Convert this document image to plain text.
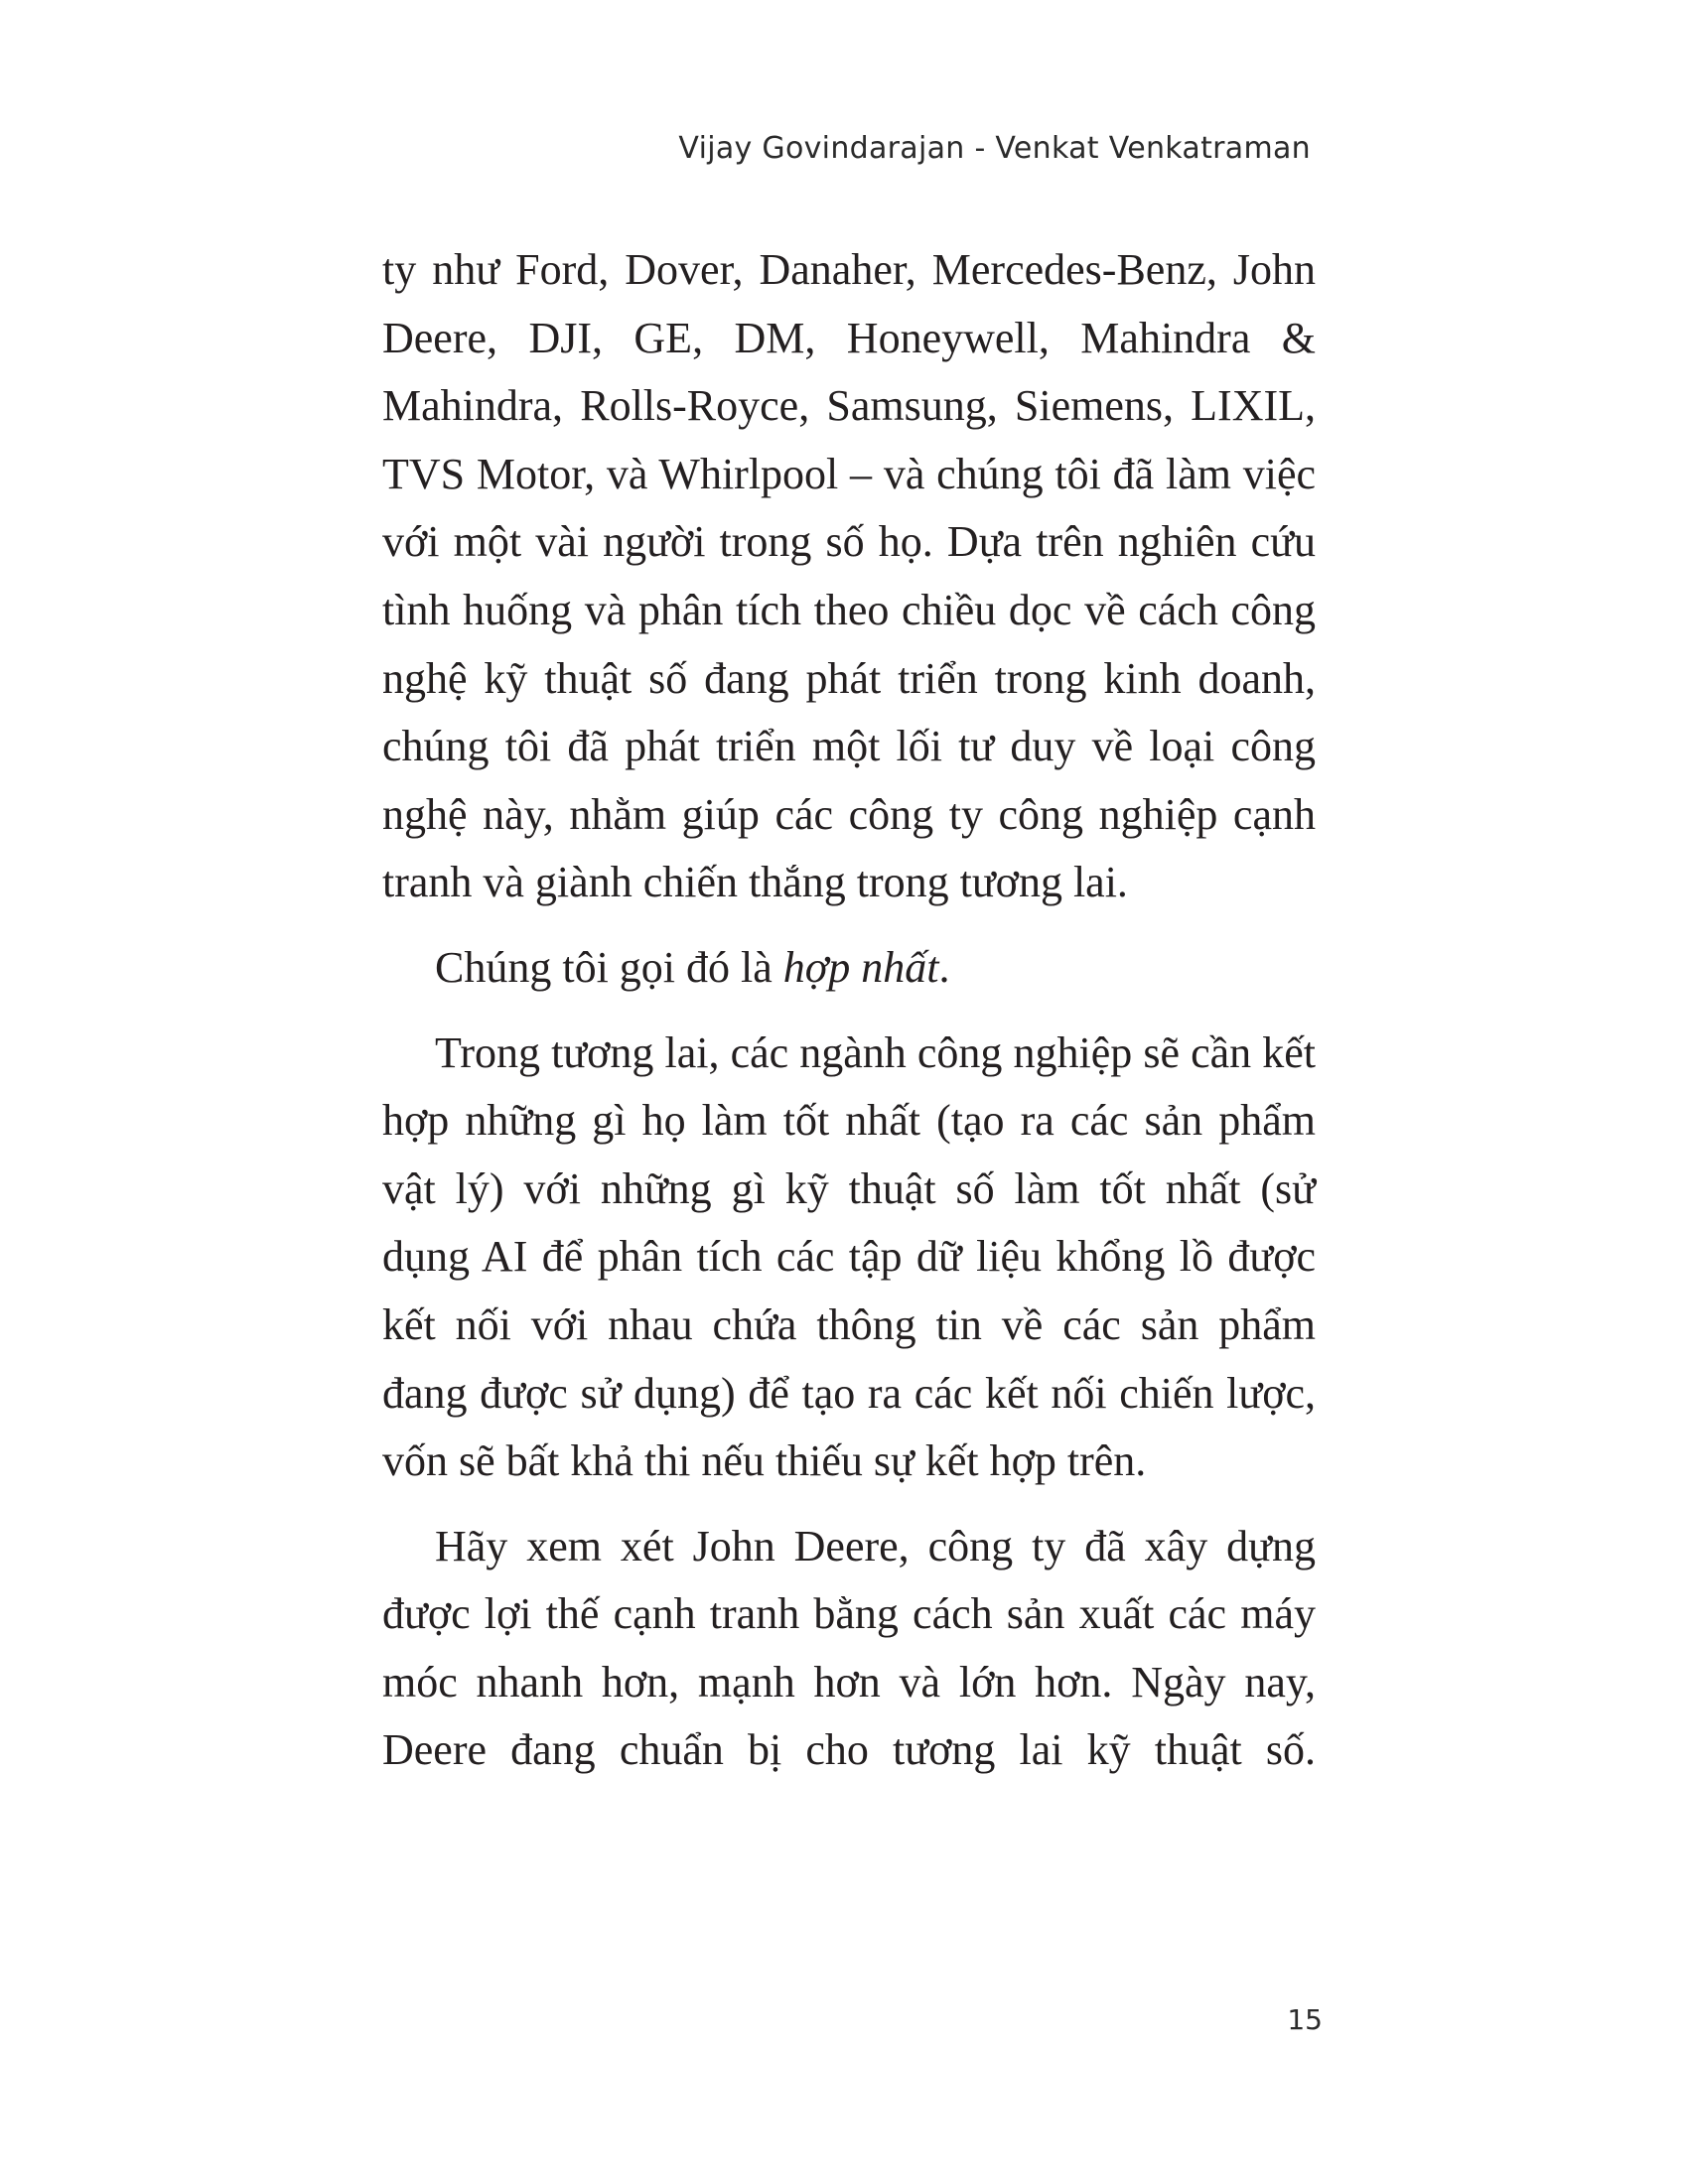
Vijay Govindarajan - Venkat Venkatraman

ty như Ford, Dover, Danaher, Mercedes-Benz, John Deere, DJI, GE, DM, Honeywell, Mahindra & Mahindra, Rolls-Royce, Samsung, Siemens, LIXIL, TVS Motor, và Whirlpool – và chúng tôi đã làm việc với một vài người trong số họ. Dựa trên nghiên cứu tình huống và phân tích theo chiều dọc về cách công nghệ kỹ thuật số đang phát triển trong kinh doanh, chúng tôi đã phát triển một lối tư duy về loại công nghệ này, nhằm giúp các công ty công nghiệp cạnh tranh và giành chiến thắng trong tương lai.

Chúng tôi gọi đó là hợp nhất.

Trong tương lai, các ngành công nghiệp sẽ cần kết hợp những gì họ làm tốt nhất (tạo ra các sản phẩm vật lý) với những gì kỹ thuật số làm tốt nhất (sử dụng AI để phân tích các tập dữ liệu khổng lồ được kết nối với nhau chứa thông tin về các sản phẩm đang được sử dụng) để tạo ra các kết nối chiến lược, vốn sẽ bất khả thi nếu thiếu sự kết hợp trên.

Hãy xem xét John Deere, công ty đã xây dựng được lợi thế cạnh tranh bằng cách sản xuất các máy móc nhanh hơn, mạnh hơn và lớn hơn. Ngày nay, Deere đang chuẩn bị cho tương lai kỹ thuật số.

15
